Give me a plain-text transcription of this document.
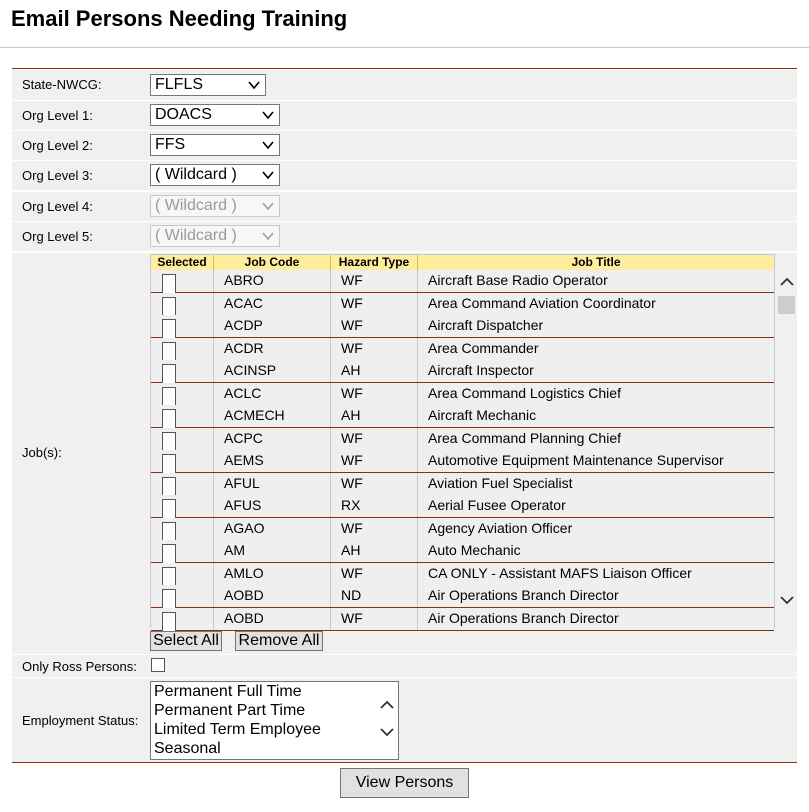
Email Persons Needing Training
State-NWCG:	FLFLS
Org Level 1:	DOACS
Org Level 2:	FFS
Org Level 3:	( Wildcard )
Org Level 4:	( Wildcard )
Org Level 5:	( Wildcard )
Job(s):
Selected	Job Code	Hazard Type	Job Title
ABRO	WF	Aircraft Base Radio Operator
ACAC	WF	Area Command Aviation Coordinator
ACDP	WF	Aircraft Dispatcher
ACDR	WF	Area Commander
ACINSP	AH	Aircraft Inspector
ACLC	WF	Area Command Logistics Chief
ACMECH	AH	Aircraft Mechanic
ACPC	WF	Area Command Planning Chief
AEMS	WF	Automotive Equipment Maintenance Supervisor
AFUL	WF	Aviation Fuel Specialist
AFUS	RX	Aerial Fusee Operator
AGAO	WF	Agency Aviation Officer
AM	AH	Auto Mechanic
AMLO	WF	CA ONLY - Assistant MAFS Liaison Officer
AOBD	ND	Air Operations Branch Director
AOBD	WF	Air Operations Branch Director
Select All Remove All
Only Ross Persons:
Employment Status:
Permanent Full Time
Permanent Part Time
Limited Term Employee
Seasonal
View Persons
